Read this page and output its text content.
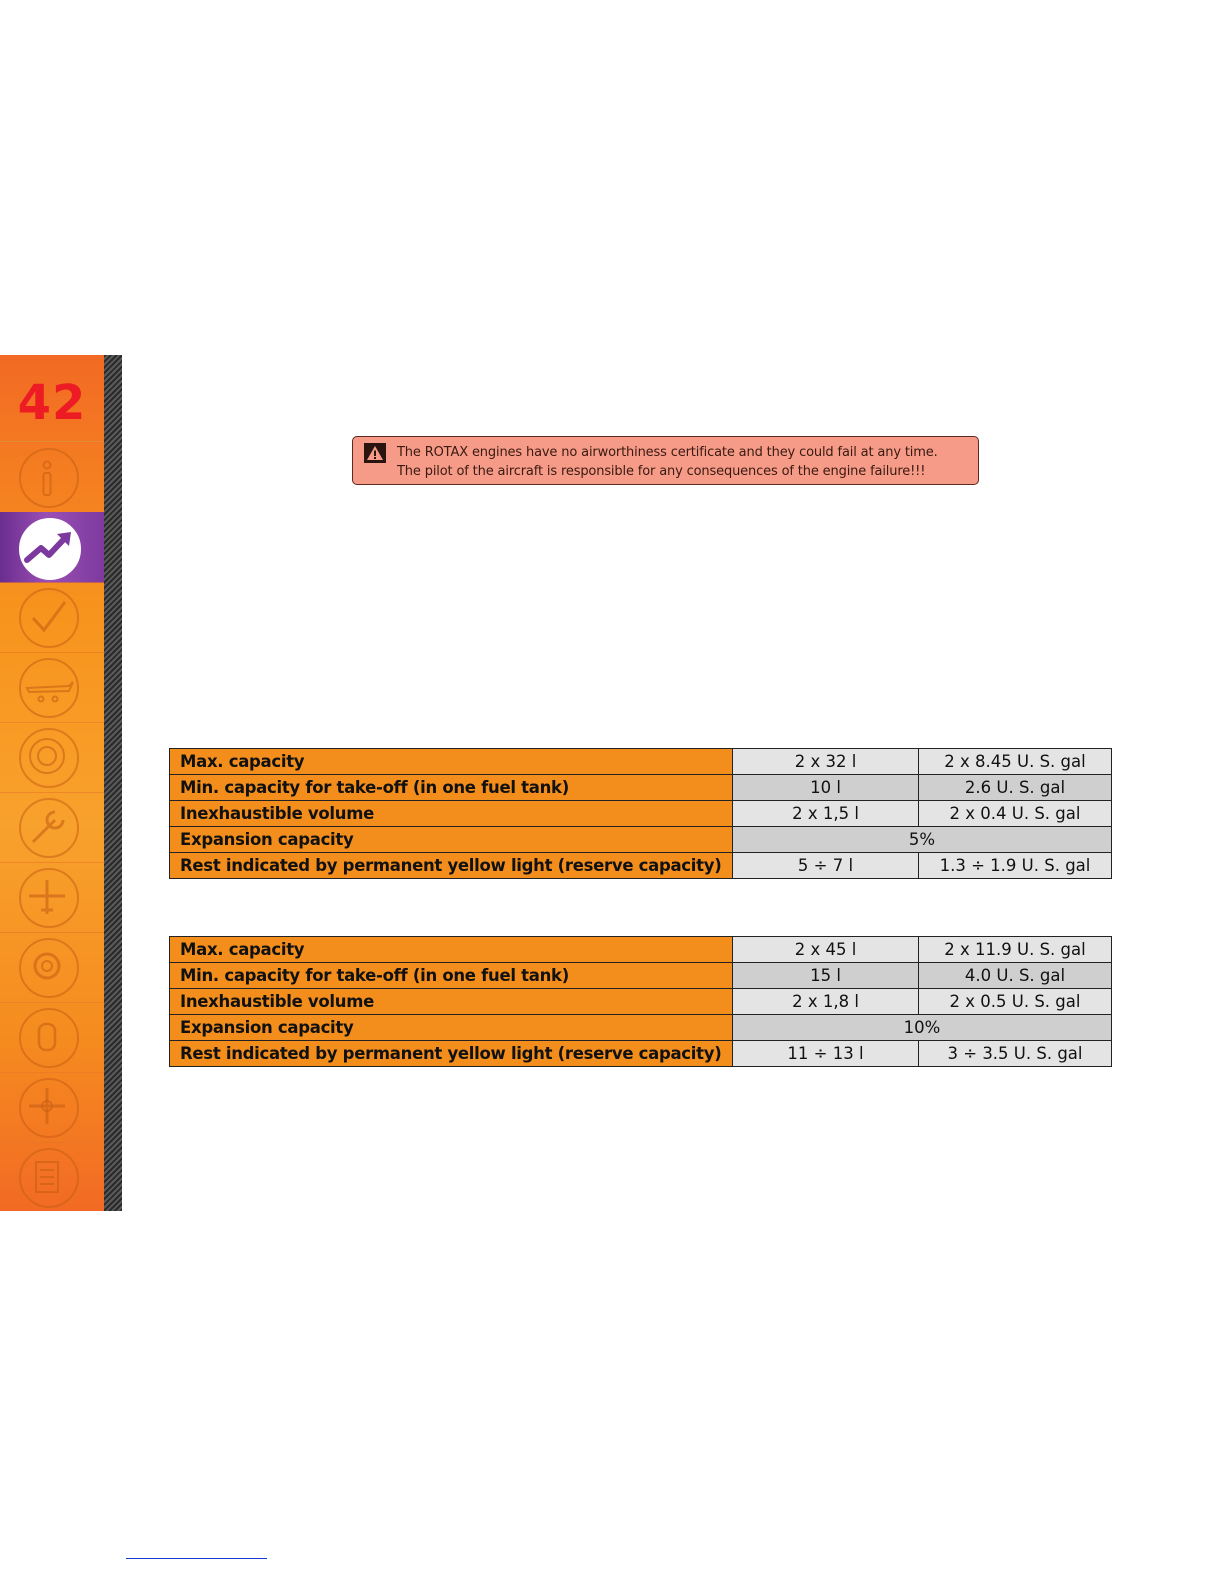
42
The ROTAX engines have no airworthiness certificate and they could fail at any time.
The pilot of the aircraft is responsible for any consequences of the engine failure!!!
Max. capacity	2 x 32 l	2 x 8.45 U. S. gal
Min. capacity for take-off (in one fuel tank)	10 l	2.6 U. S. gal
Inexhaustible volume	2 x 1,5 l	2 x 0.4 U. S. gal
Expansion capacity	5%	
Rest indicated by permanent yellow light (reserve capacity)	5 ÷ 7 l	1.3 ÷ 1.9 U. S. gal
Max. capacity	2 x 45 l	2 x 11.9 U. S. gal
Min. capacity for take-off (in one fuel tank)	15 l	4.0 U. S. gal
Inexhaustible volume	2 x 1,8 l	2 x 0.5 U. S. gal
Expansion capacity	10%	
Rest indicated by permanent yellow light (reserve capacity)	11 ÷ 13 l	3 ÷ 3.5 U. S. gal
